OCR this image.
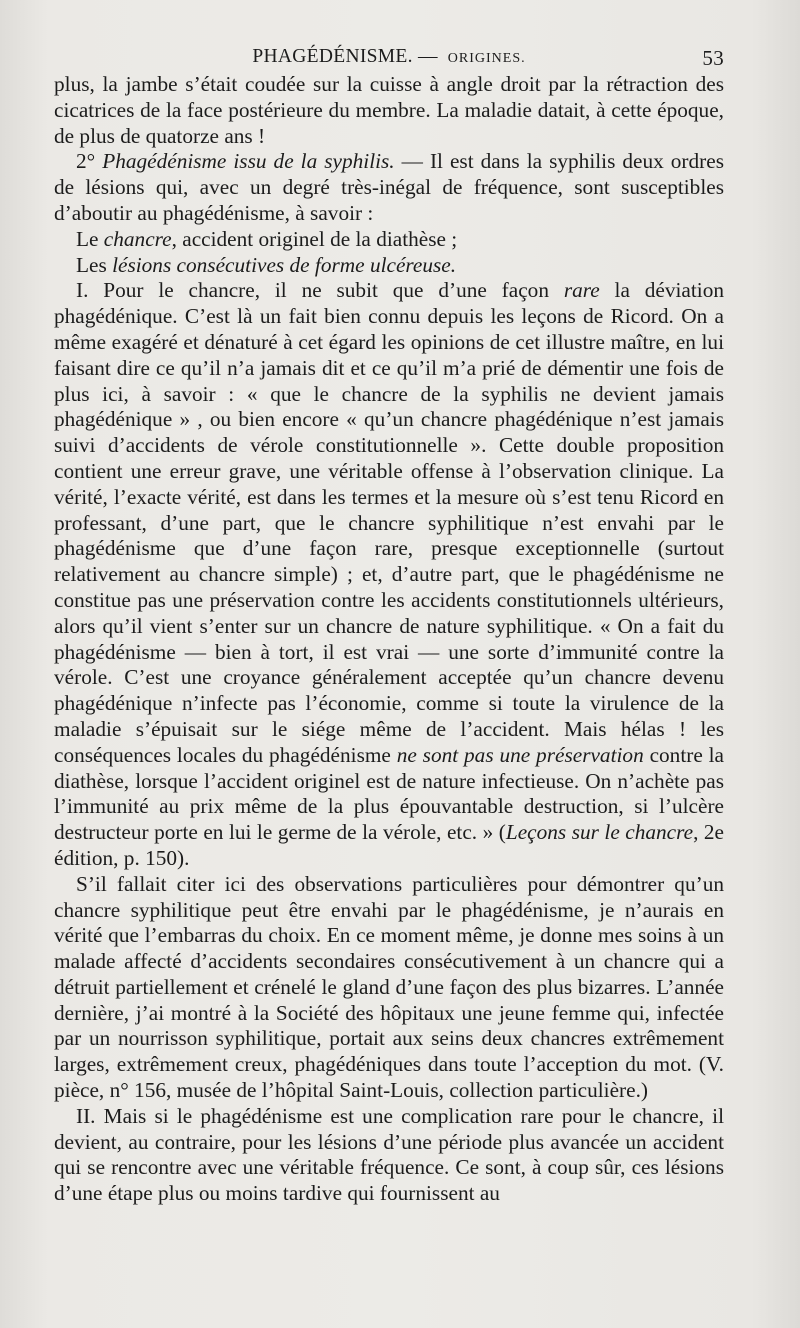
PHAGÉDÉNISME. — ORIGINES.	53

plus, la jambe s’était coudée sur la cuisse à angle droit par la rétraction des cicatrices de la face postérieure du membre. La maladie datait, à cette époque, de plus de quatorze ans !

2° Phagédénisme issu de la syphilis. — Il est dans la syphilis deux ordres de lésions qui, avec un degré très-inégal de fréquence, sont susceptibles d’aboutir au phagédénisme, à savoir :

Le chancre, accident originel de la diathèse ;

Les lésions consécutives de forme ulcéreuse.

I. Pour le chancre, il ne subit que d’une façon rare la déviation phagédénique. C’est là un fait bien connu depuis les leçons de Ricord. On a même exagéré et dénaturé à cet égard les opinions de cet illustre maître, en lui faisant dire ce qu’il n’a jamais dit et ce qu’il m’a prié de démentir une fois de plus ici, à savoir : « que le chancre de la syphilis ne devient jamais phagédénique » , ou bien encore « qu’un chancre phagédénique n’est jamais suivi d’accidents de vérole constitutionnelle ». Cette double proposition contient une erreur grave, une véritable offense à l’observation clinique. La vérité, l’exacte vérité, est dans les termes et la mesure où s’est tenu Ricord en professant, d’une part, que le chancre syphilitique n’est envahi par le phagédénisme que d’une façon rare, presque exceptionnelle (surtout relativement au chancre simple) ; et, d’autre part, que le phagédénisme ne constitue pas une préservation contre les accidents constitutionnels ultérieurs, alors qu’il vient s’enter sur un chancre de nature syphilitique. « On a fait du phagédénisme — bien à tort, il est vrai — une sorte d’immunité contre la vérole. C’est une croyance généralement acceptée qu’un chancre devenu phagédénique n’infecte pas l’économie, comme si toute la virulence de la maladie s’épuisait sur le siége même de l’accident. Mais hélas ! les conséquences locales du phagédénisme ne sont pas une préservation contre la diathèse, lorsque l’accident originel est de nature infectieuse. On n’achète pas l’immunité au prix même de la plus épouvantable destruction, si l’ulcère destructeur porte en lui le germe de la vérole, etc. » (Leçons sur le chancre, 2e édition, p. 150).

S’il fallait citer ici des observations particulières pour démontrer qu’un chancre syphilitique peut être envahi par le phagédénisme, je n’aurais en vérité que l’embarras du choix. En ce moment même, je donne mes soins à un malade affecté d’accidents secondaires consécutivement à un chancre qui a détruit partiellement et crénelé le gland d’une façon des plus bizarres. L’année dernière, j’ai montré à la Société des hôpitaux une jeune femme qui, infectée par un nourrisson syphilitique, portait aux seins deux chancres extrêmement larges, extrêmement creux, phagédéniques dans toute l’acception du mot. (V. pièce, n° 156, musée de l’hôpital Saint-Louis, collection particulière.)

II. Mais si le phagédénisme est une complication rare pour le chancre, il devient, au contraire, pour les lésions d’une période plus avancée un accident qui se rencontre avec une véritable fréquence. Ce sont, à coup sûr, ces lésions d’une étape plus ou moins tardive qui fournissent au
